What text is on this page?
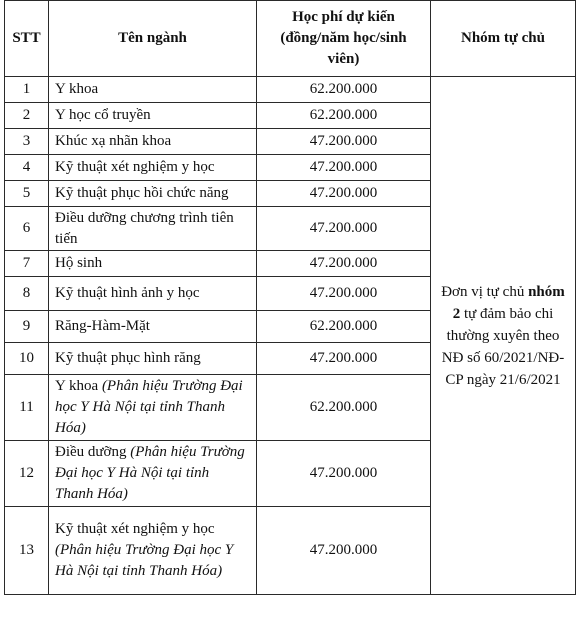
STT	Tên ngành	Học phí dự kiến (đồng/năm học/sinh viên)	Nhóm tự chủ
1	Y khoa	62.200.000	Đơn vị tự chủ nhóm 2 tự đảm bảo chi thường xuyên theo NĐ số 60/2021/NĐ-CP ngày 21/6/2021
2	Y học cổ truyền	62.200.000	
3	Khúc xạ nhãn khoa	47.200.000	
4	Kỹ thuật xét nghiệm y học	47.200.000	
5	Kỹ thuật phục hồi chức năng	47.200.000	
6	Điều dưỡng chương trình tiên tiến	47.200.000	
7	Hộ sinh	47.200.000	
8	Kỹ thuật hình ảnh y học	47.200.000	
9	Răng-Hàm-Mặt	62.200.000	
10	Kỹ thuật phục hình răng	47.200.000	
11	Y khoa (Phân hiệu Trường Đại học Y Hà Nội tại tỉnh Thanh Hóa)	62.200.000	
12	Điều dưỡng (Phân hiệu Trường Đại học Y Hà Nội tại tỉnh Thanh Hóa)	47.200.000	
13	Kỹ thuật xét nghiệm y học (Phân hiệu Trường Đại học Y Hà Nội tại tỉnh Thanh Hóa)	47.200.000	
